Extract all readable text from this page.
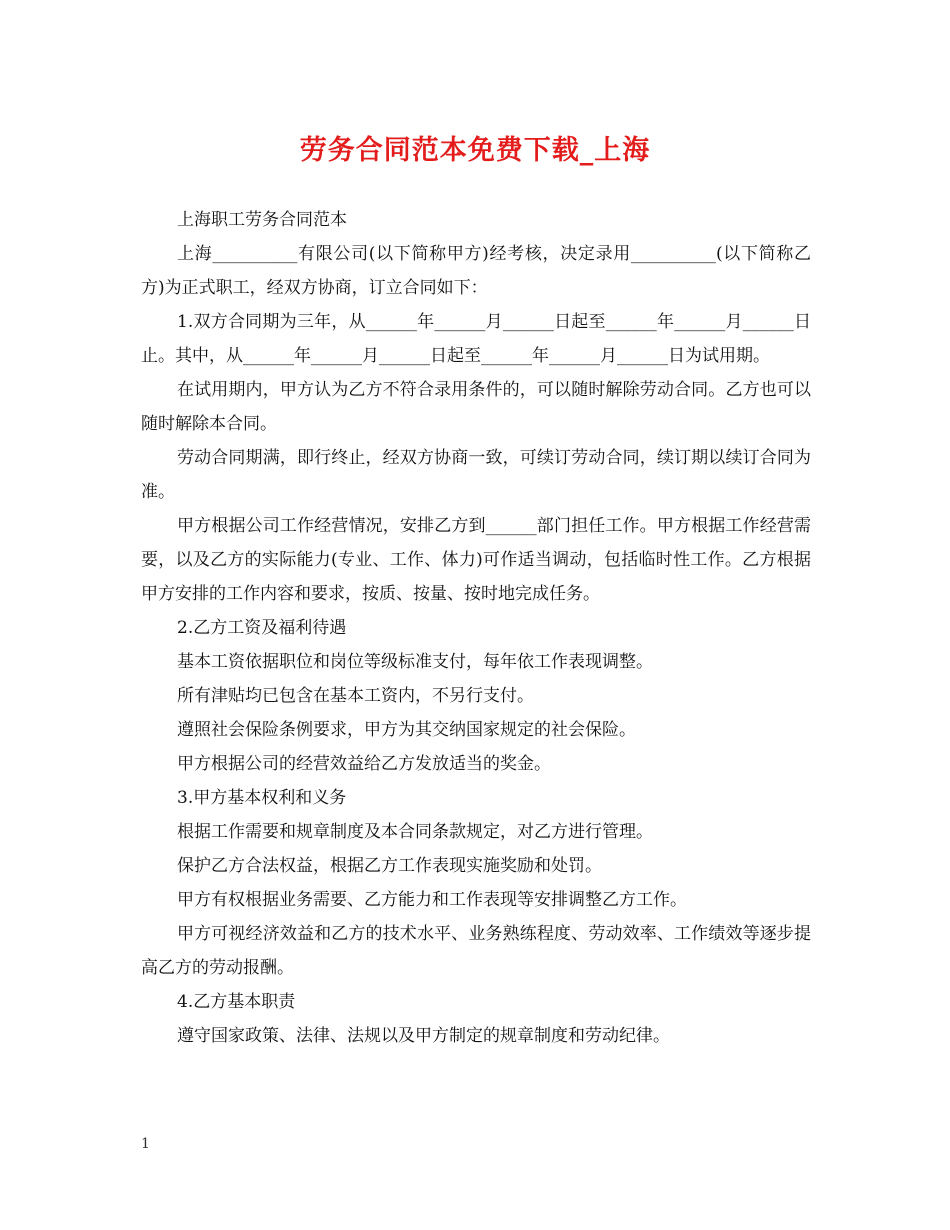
劳务合同范本免费下载_上海

上海职工劳务合同范本

上海__________有限公司(以下简称甲方)经考核，决定录用__________(以下简称乙方)为正式职工，经双方协商，订立合同如下：

1.双方合同期为三年，从______年______月______日起至______年______月______日止。其中，从______年______月______日起至______年______月______日为试用期。

在试用期内，甲方认为乙方不符合录用条件的，可以随时解除劳动合同。乙方也可以随时解除本合同。

劳动合同期满，即行终止，经双方协商一致，可续订劳动合同，续订期以续订合同为准。

甲方根据公司工作经营情况，安排乙方到______部门担任工作。甲方根据工作经营需要，以及乙方的实际能力(专业、工作、体力)可作适当调动，包括临时性工作。乙方根据甲方安排的工作内容和要求，按质、按量、按时地完成任务。

2.乙方工资及福利待遇

基本工资依据职位和岗位等级标准支付，每年依工作表现调整。

所有津贴均已包含在基本工资内，不另行支付。

遵照社会保险条例要求，甲方为其交纳国家规定的社会保险。

甲方根据公司的经营效益给乙方发放适当的奖金。

3.甲方基本权利和义务

根据工作需要和规章制度及本合同条款规定，对乙方进行管理。

保护乙方合法权益，根据乙方工作表现实施奖励和处罚。

甲方有权根据业务需要、乙方能力和工作表现等安排调整乙方工作。

甲方可视经济效益和乙方的技术水平、业务熟练程度、劳动效率、工作绩效等逐步提高乙方的劳动报酬。

4.乙方基本职责

遵守国家政策、法律、法规以及甲方制定的规章制度和劳动纪律。

1
